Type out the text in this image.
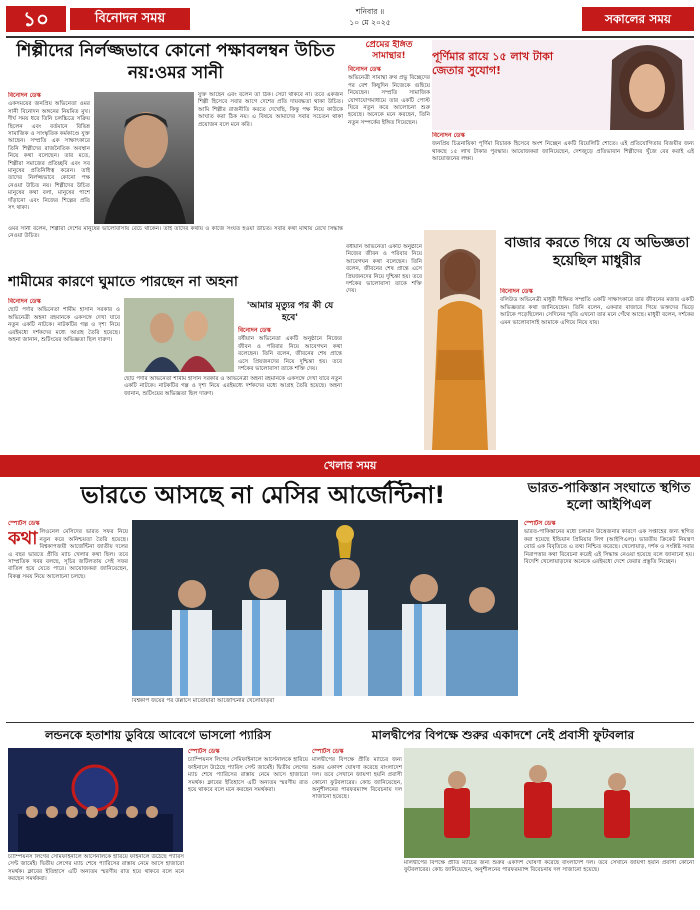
১০	বিনোদন সময়	শনিবার ॥
১০ মে ২০২৫	সকালের সময়
শিল্পীদের নির্লজ্জভাবে কোনো পক্ষাবলম্বন উচিত নয়:ওমর সানী
বিনোদন ডেস্ক
একসময়ের জনপ্রিয় অভিনেতা ওমর সানী বিনোদন অঙ্গনের নিয়মিত মুখ। দীর্ঘ সময় ধরে তিনি চলচ্চিত্রে সক্রিয় ছিলেন এবং বর্তমানে বিভিন্ন সামাজিক ও সাংস্কৃতিক কর্মকাণ্ডে যুক্ত আছেন। সম্প্রতি এক সাক্ষাৎকারে তিনি শিল্পীদের রাজনৈতিক অবস্থান নিয়ে কথা বলেছেন। তার মতে, শিল্পীরা সমাজের প্রতিচ্ছবি এবং সব মানুষের প্রতিনিধিত্ব করেন। তাই তাদের নির্লজ্জভাবে কোনো পক্ষ নেওয়া উচিত নয়। শিল্পীদের উচিত মানুষের কথা বলা, মানুষের পাশে দাঁড়ানো এবং নিজের শিল্পের প্রতি সৎ থাকা।
যুক্ত আছেন এবং বলেন তা ঠিক। সেটা থাকবে না। তবে একজন শিল্পী হিসেবে সবার আগে দেশের প্রতি দায়বদ্ধতা থাকা উচিত। আমি শিল্পীর রাজনীতি করতে দেখেছি, কিন্তু পক্ষ নিয়ে কাউকে আঘাত করা ঠিক নয়। এ বিষয়ে আমাদের সবার সচেতন থাকা প্রয়োজন বলে মনে করি।
ওমর সানী বলেন, শিল্পীরা দেশের মানুষের ভালোবাসায় বেঁচে থাকেন। তাই তাদের কথায় ও কাজে সংযত হওয়া উচিত। সবার কথা মাথায় রেখে সিদ্ধান্ত নেওয়া উচিত।
প্রেমের ইঙ্গিত সামান্থার!
বিনোদন ডেস্ক
অভিনেত্রী সামান্থা রুথ প্রভু বিচ্ছেদের পর বেশ কিছুদিন নিজেকে গুছিয়ে নিয়েছেন। সম্প্রতি সামাজিক যোগাযোগমাধ্যমে তার একটি পোস্ট ঘিরে নতুন করে আলোচনা শুরু হয়েছে। অনেকে মনে করছেন, তিনি নতুন সম্পর্কের ইঙ্গিত দিয়েছেন।
পূর্ণিমার রায়ে ১৫ লাখ টাকা জেতার সুযোগ!
বিনোদন ডেস্ক
জনপ্রিয় চিত্রনায়িকা পূর্ণিমা বিচারক হিসেবে অংশ নিচ্ছেন একটি রিয়েলিটি শোতে। এই প্রতিযোগিতার বিজয়ীর জন্য থাকছে ১৫ লাখ টাকার পুরস্কার। আয়োজকরা জানিয়েছেন, দেশজুড়ে প্রতিভাবান শিল্পীদের খুঁজে বের করাই এই আয়োজনের লক্ষ্য।
বাজার করতে গিয়ে যে অভিজ্ঞতা হয়েছিল মাধুরীর
বিনোদন ডেস্ক
বলিউড অভিনেত্রী মাধুরী দীক্ষিত সম্প্রতি একটি সাক্ষাৎকারে তার জীবনের মজার একটি অভিজ্ঞতার কথা জানিয়েছেন। তিনি বলেন, একবার বাজারে গিয়ে ভক্তদের ভিড়ে আটকে পড়েছিলেন। সেদিনের স্মৃতি এখনো তার মনে গেঁথে আছে। মাধুরী বলেন, দর্শকের এমন ভালোবাসাই আমাকে এগিয়ে নিয়ে যায়।
শামীমের কারণে ঘুমাতে পারছেন না অহনা
বিনোদন ডেস্ক
ছোট পর্দার অভিনেতা শামীম হাসান সরকার ও অভিনেত্রী অহনা রহমানকে একসঙ্গে দেখা যাবে নতুন একটি নাটকে। নাটকটির গল্প ও দৃশ্য নিয়ে এরইমধ্যে দর্শকদের মধ্যে আগ্রহ তৈরি হয়েছে। অহনা জানান, শুটিংয়ের অভিজ্ঞতা ছিল দারুণ।
ছোট পর্দার অভিনেতা শামীম হাসান সরকার ও অভিনেত্রী অহনা রহমানকে একসঙ্গে দেখা যাবে নতুন একটি নাটকে। নাটকটির গল্প ও দৃশ্য নিয়ে এরইমধ্যে দর্শকদের মধ্যে আগ্রহ তৈরি হয়েছে। অহনা জানান, শুটিংয়ের অভিজ্ঞতা ছিল দারুণ।
'আমার মৃত্যুর পর কী যে হবে'
বিনোদন ডেস্ক
বর্ষীয়ান অভিনেতা একটি অনুষ্ঠানে নিজের জীবন ও পরিবার নিয়ে আবেগঘন কথা বলেছেন। তিনি বলেন, জীবনের শেষ প্রান্তে এসে প্রিয়জনদের নিয়ে দুশ্চিন্তা হয়। তবে দর্শকের ভালোবাসা তাকে শক্তি দেয়।
বর্ষীয়ান অভিনেতা একটি অনুষ্ঠানে নিজের জীবন ও পরিবার নিয়ে আবেগঘন কথা বলেছেন। তিনি বলেন, জীবনের শেষ প্রান্তে এসে প্রিয়জনদের নিয়ে দুশ্চিন্তা হয়। তবে দর্শকের ভালোবাসা তাকে শক্তি দেয়।
খেলার সময়
ভারতে আসছে না মেসির আর্জেন্টিনা!
স্পোর্টস ডেস্ক
কথা লিওনেল মেসিদের ভারত সফর নিয়ে নতুন করে অনিশ্চয়তা তৈরি হয়েছে। বিশ্বকাপজয়ী আর্জেন্টিনা জাতীয় দলের এ বছর ভারতে প্রীতি ম্যাচ খেলার কথা ছিল। তবে সাম্প্রতিক খবর বলছে, সূচির জটিলতায় সেই সফর বাতিল হয়ে যেতে পারে। আয়োজকরা জানিয়েছেন, বিকল্প সময় নিয়ে আলোচনা চলছে।
বিশ্বকাপ জয়ের পর উল্লাসে মাতোয়ারা আর্জেন্টিনার খেলোয়াড়রা
ভারত-পাকিস্তান সংঘাতে স্থগিত হলো আইপিএল
স্পোর্টস ডেস্ক
ভারত-পাকিস্তানের মধ্যে চলমান উত্তেজনার কারণে এক সপ্তাহের জন্য স্থগিত করা হয়েছে ইন্ডিয়ান প্রিমিয়ার লিগ (আইপিএল)। ভারতীয় ক্রিকেট নিয়ন্ত্রণ বোর্ড এক বিবৃতিতে এ তথ্য নিশ্চিত করেছে। খেলোয়াড়, দর্শক ও সংশ্লিষ্ট সবার নিরাপত্তার কথা বিবেচনা করেই এই সিদ্ধান্ত নেওয়া হয়েছে বলে জানানো হয়। বিদেশি খেলোয়াড়দের অনেকে এরইমধ্যে দেশে ফেরার প্রস্তুতি নিচ্ছেন।
লন্ডনকে হতাশায় ডুবিয়ে আবেগে ভাসলো প্যারিস
স্পোর্টস ডেস্ক
চ্যাম্পিয়নস লিগের সেমিফাইনালে আর্সেনালকে হারিয়ে ফাইনালে উঠেছে প্যারিস সেন্ট জার্মেই। দ্বিতীয় লেগের ম্যাচ শেষে প্যারিসের রাস্তায় নেমে আসে হাজারো সমর্থক। ক্লাবের ইতিহাসে এটি অন্যতম স্মরণীয় রাত হয়ে থাকবে বলে মনে করছেন সমর্থকরা।
চ্যাম্পিয়নস লিগের সেমিফাইনালে আর্সেনালকে হারিয়ে ফাইনালে উঠেছে প্যারিস সেন্ট জার্মেই। দ্বিতীয় লেগের ম্যাচ শেষে প্যারিসের রাস্তায় নেমে আসে হাজারো সমর্থক। ক্লাবের ইতিহাসে এটি অন্যতম স্মরণীয় রাত হয়ে থাকবে বলে মনে করছেন সমর্থকরা।
মালদ্বীপের বিপক্ষে শুরুর একাদশে নেই প্রবাসী ফুটবলার
স্পোর্টস ডেস্ক
মালদ্বীপের বিপক্ষে প্রীতি ম্যাচের জন্য শুরুর একাদশ ঘোষণা করেছে বাংলাদেশ দল। তবে সেখানে জায়গা হয়নি প্রবাসী কোনো ফুটবলারের। কোচ জানিয়েছেন, অনুশীলনের পারফরম্যান্স বিবেচনায় দল সাজানো হয়েছে।
মালদ্বীপের বিপক্ষে প্রীতি ম্যাচের জন্য শুরুর একাদশ ঘোষণা করেছে বাংলাদেশ দল। তবে সেখানে জায়গা হয়নি প্রবাসী কোনো ফুটবলারের। কোচ জানিয়েছেন, অনুশীলনের পারফরম্যান্স বিবেচনায় দল সাজানো হয়েছে।
